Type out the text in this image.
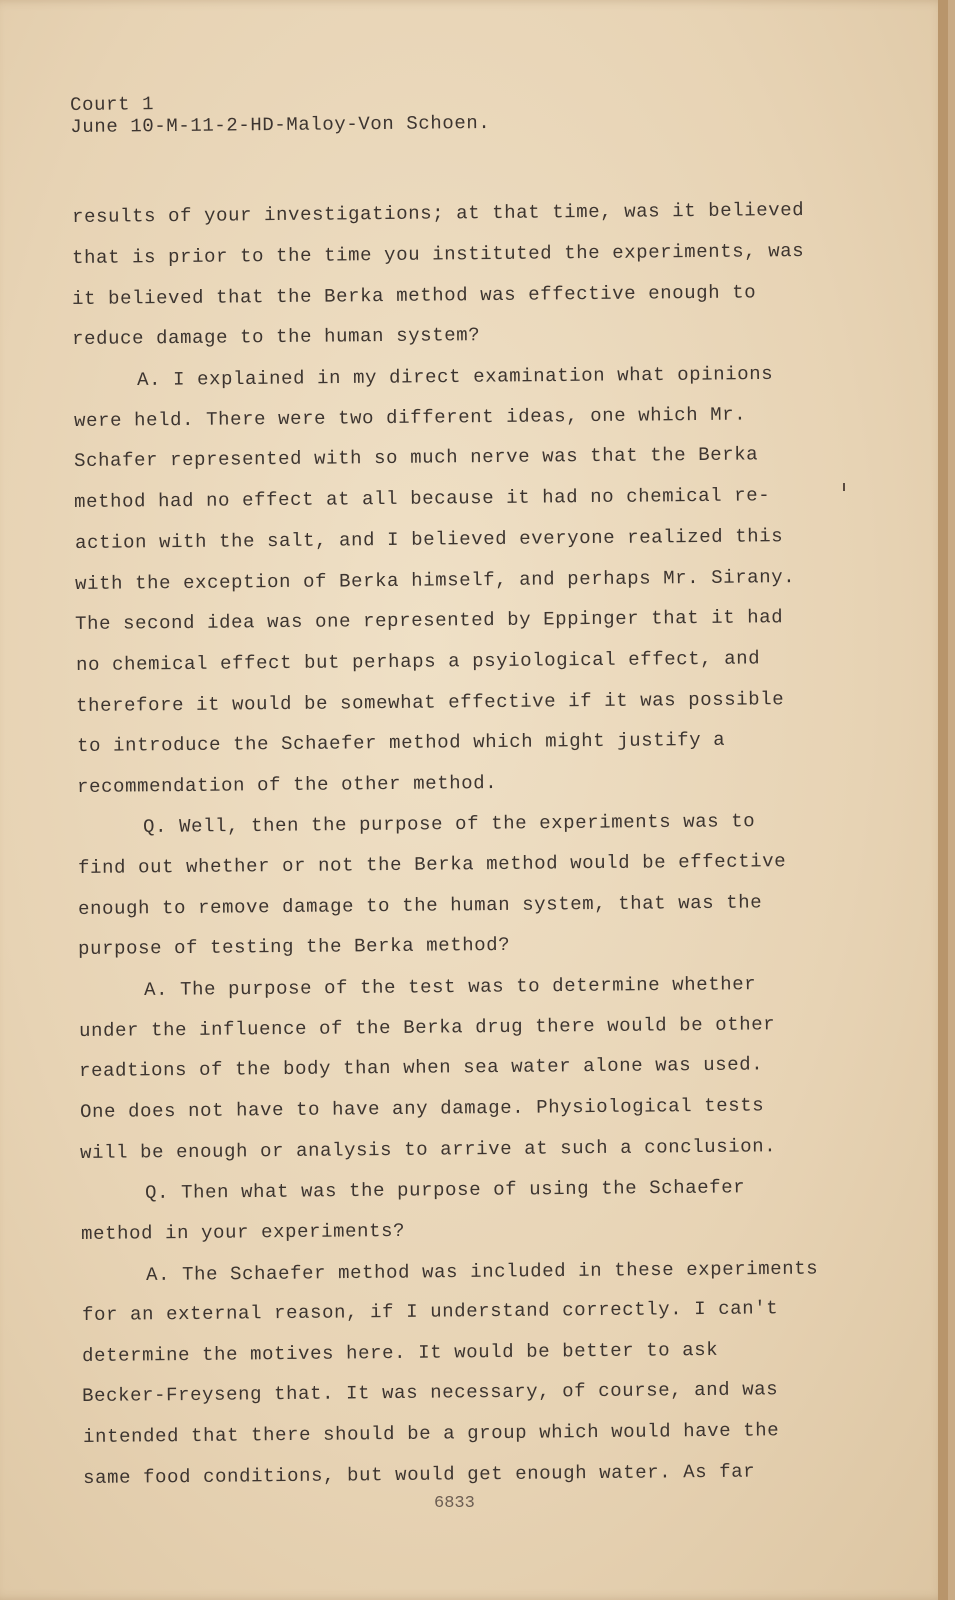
Court 1
June 10-M-11-2-HD-Maloy-Von Schoen.
results of your investigations; at that time, was it believed
that is prior to the time you instituted the experiments, was
it believed that the Berka method was effective enough to
reduce damage to the human system?
A. I explained in my direct examination what opinions
were held. There were two different ideas, one which Mr.
Schafer represented with so much nerve was that the Berka
method had no effect at all because it had no chemical re-
action with the salt, and I believed everyone realized this
with the exception of Berka himself, and perhaps Mr. Sirany.
The second idea was one represented by Eppinger that it had
no chemical effect but perhaps a psyiological effect, and
therefore it would be somewhat effective if it was possible
to introduce the Schaefer method which might justify a
recommendation of the other method.
Q. Well, then the purpose of the experiments was to
find out whether or not the Berka method would be effective
enough to remove damage to the human system, that was the
purpose of testing the Berka method?
A. The purpose of the test was to determine whether
under the influence of the Berka drug there would be other
readtions of the body than when sea water alone was used.
One does not have to have any damage. Physiological tests
will be enough or analysis to arrive at such a conclusion.
Q. Then what was the purpose of using the Schaefer
method in your experiments?
A. The Schaefer method was included in these experiments
for an external reason, if I understand correctly. I can't
determine the motives here. It would be better to ask
Becker-Freyseng that. It was necessary, of course, and was
intended that there should be a group which would have the
same food conditions, but would get enough water. As far
6833
